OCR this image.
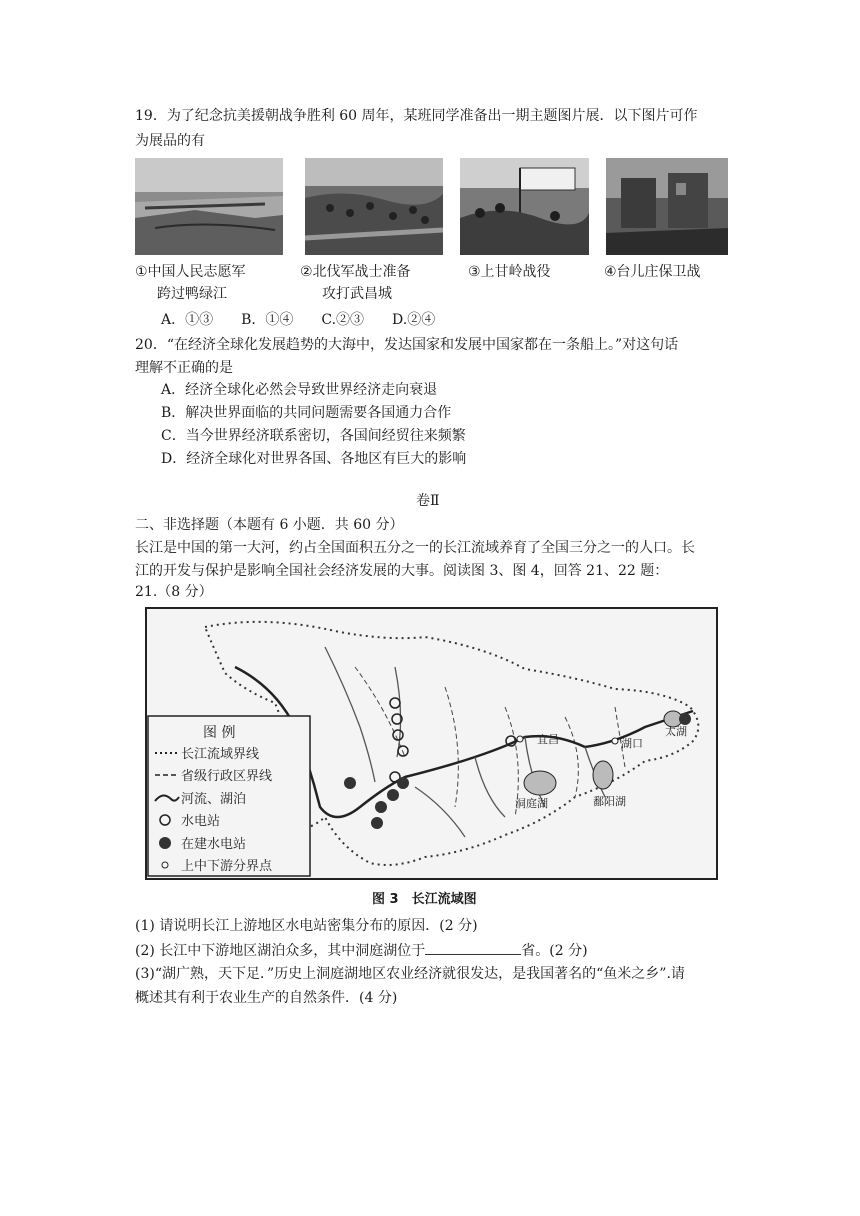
19．为了纪念抗美援朝战争胜利 60 周年，某班同学准备出一期主题图片展．以下图片可作
为展品的有
①中国人民志愿军
跨过鸭绿江
②北伐军战士准备
攻打武昌城
③上甘岭战役	④台儿庄保卫战
A．①③　　B．①④　　C.②③　　D.②④
20．“在经济全球化发展趋势的大海中，发达国家和发展中国家都在一条船上。”对这句话
理解不正确的是
A．经济全球化必然会导致世界经济走向衰退
B．解决世界面临的共同问题需要各国通力合作
C．当今世界经济联系密切，各国间经贸往来频繁
D．经济全球化对世界各国、各地区有巨大的影响
卷Ⅱ
二、非选择题（本题有 6 小题．共 60 分）
长江是中国的第一大河，约占全国面积五分之一的长江流域养育了全国三分之一的人口。长
江的开发与保护是影响全国社会经济发展的大事。阅读图 3、图 4，回答 21、22 题：
21.（8 分）
宜昌	湖口
洞庭湖	鄱阳湖
太湖
图 例
长江流域界线
省级行政区界线
河流、湖泊
水电站
在建水电站
上中下游分界点
图 3　长江流域图
(1) 请说明长江上游地区水电站密集分布的原因．(2 分)
(2) 长江中下游地区湖泊众多，其中洞庭湖位于	省。(2 分)
(3)“湖广熟，天下足．”历史上洞庭湖地区农业经济就很发达，是我国著名的“鱼米之乡”.请
概述其有利于农业生产的自然条件．(4 分)
